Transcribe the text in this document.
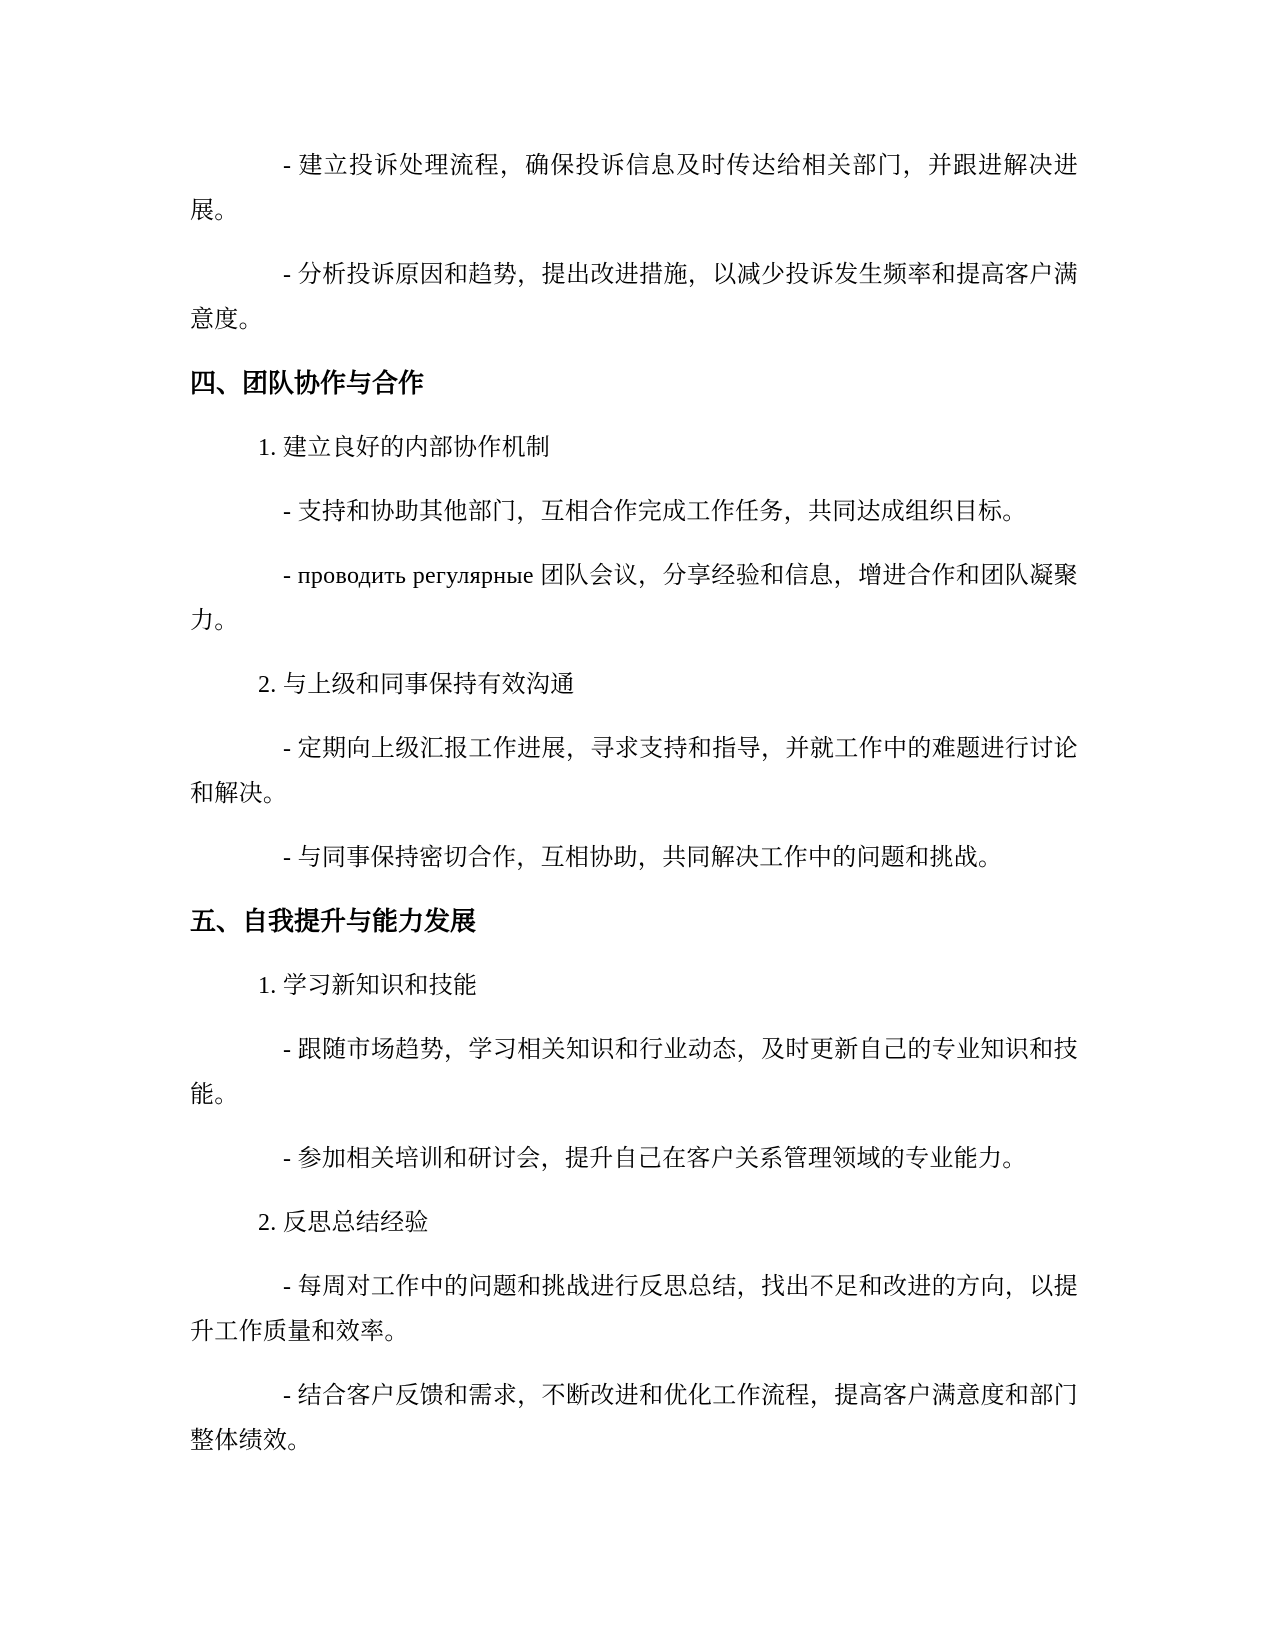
- 建立投诉处理流程，确保投诉信息及时传达给相关部门，并跟进解决进展。

- 分析投诉原因和趋势，提出改进措施，以减少投诉发生频率和提高客户满意度。

四、团队协作与合作

1. 建立良好的内部协作机制

- 支持和协助其他部门，互相合作完成工作任务，共同达成组织目标。

- проводить регулярные 团队会议，分享经验和信息，增进合作和团队凝聚力。

2. 与上级和同事保持有效沟通

- 定期向上级汇报工作进展，寻求支持和指导，并就工作中的难题进行讨论和解决。

- 与同事保持密切合作，互相协助，共同解决工作中的问题和挑战。

五、自我提升与能力发展

1. 学习新知识和技能

- 跟随市场趋势，学习相关知识和行业动态，及时更新自己的专业知识和技能。

- 参加相关培训和研讨会，提升自己在客户关系管理领域的专业能力。

2. 反思总结经验

- 每周对工作中的问题和挑战进行反思总结，找出不足和改进的方向，以提升工作质量和效率。

- 结合客户反馈和需求，不断改进和优化工作流程，提高客户满意度和部门整体绩效。
